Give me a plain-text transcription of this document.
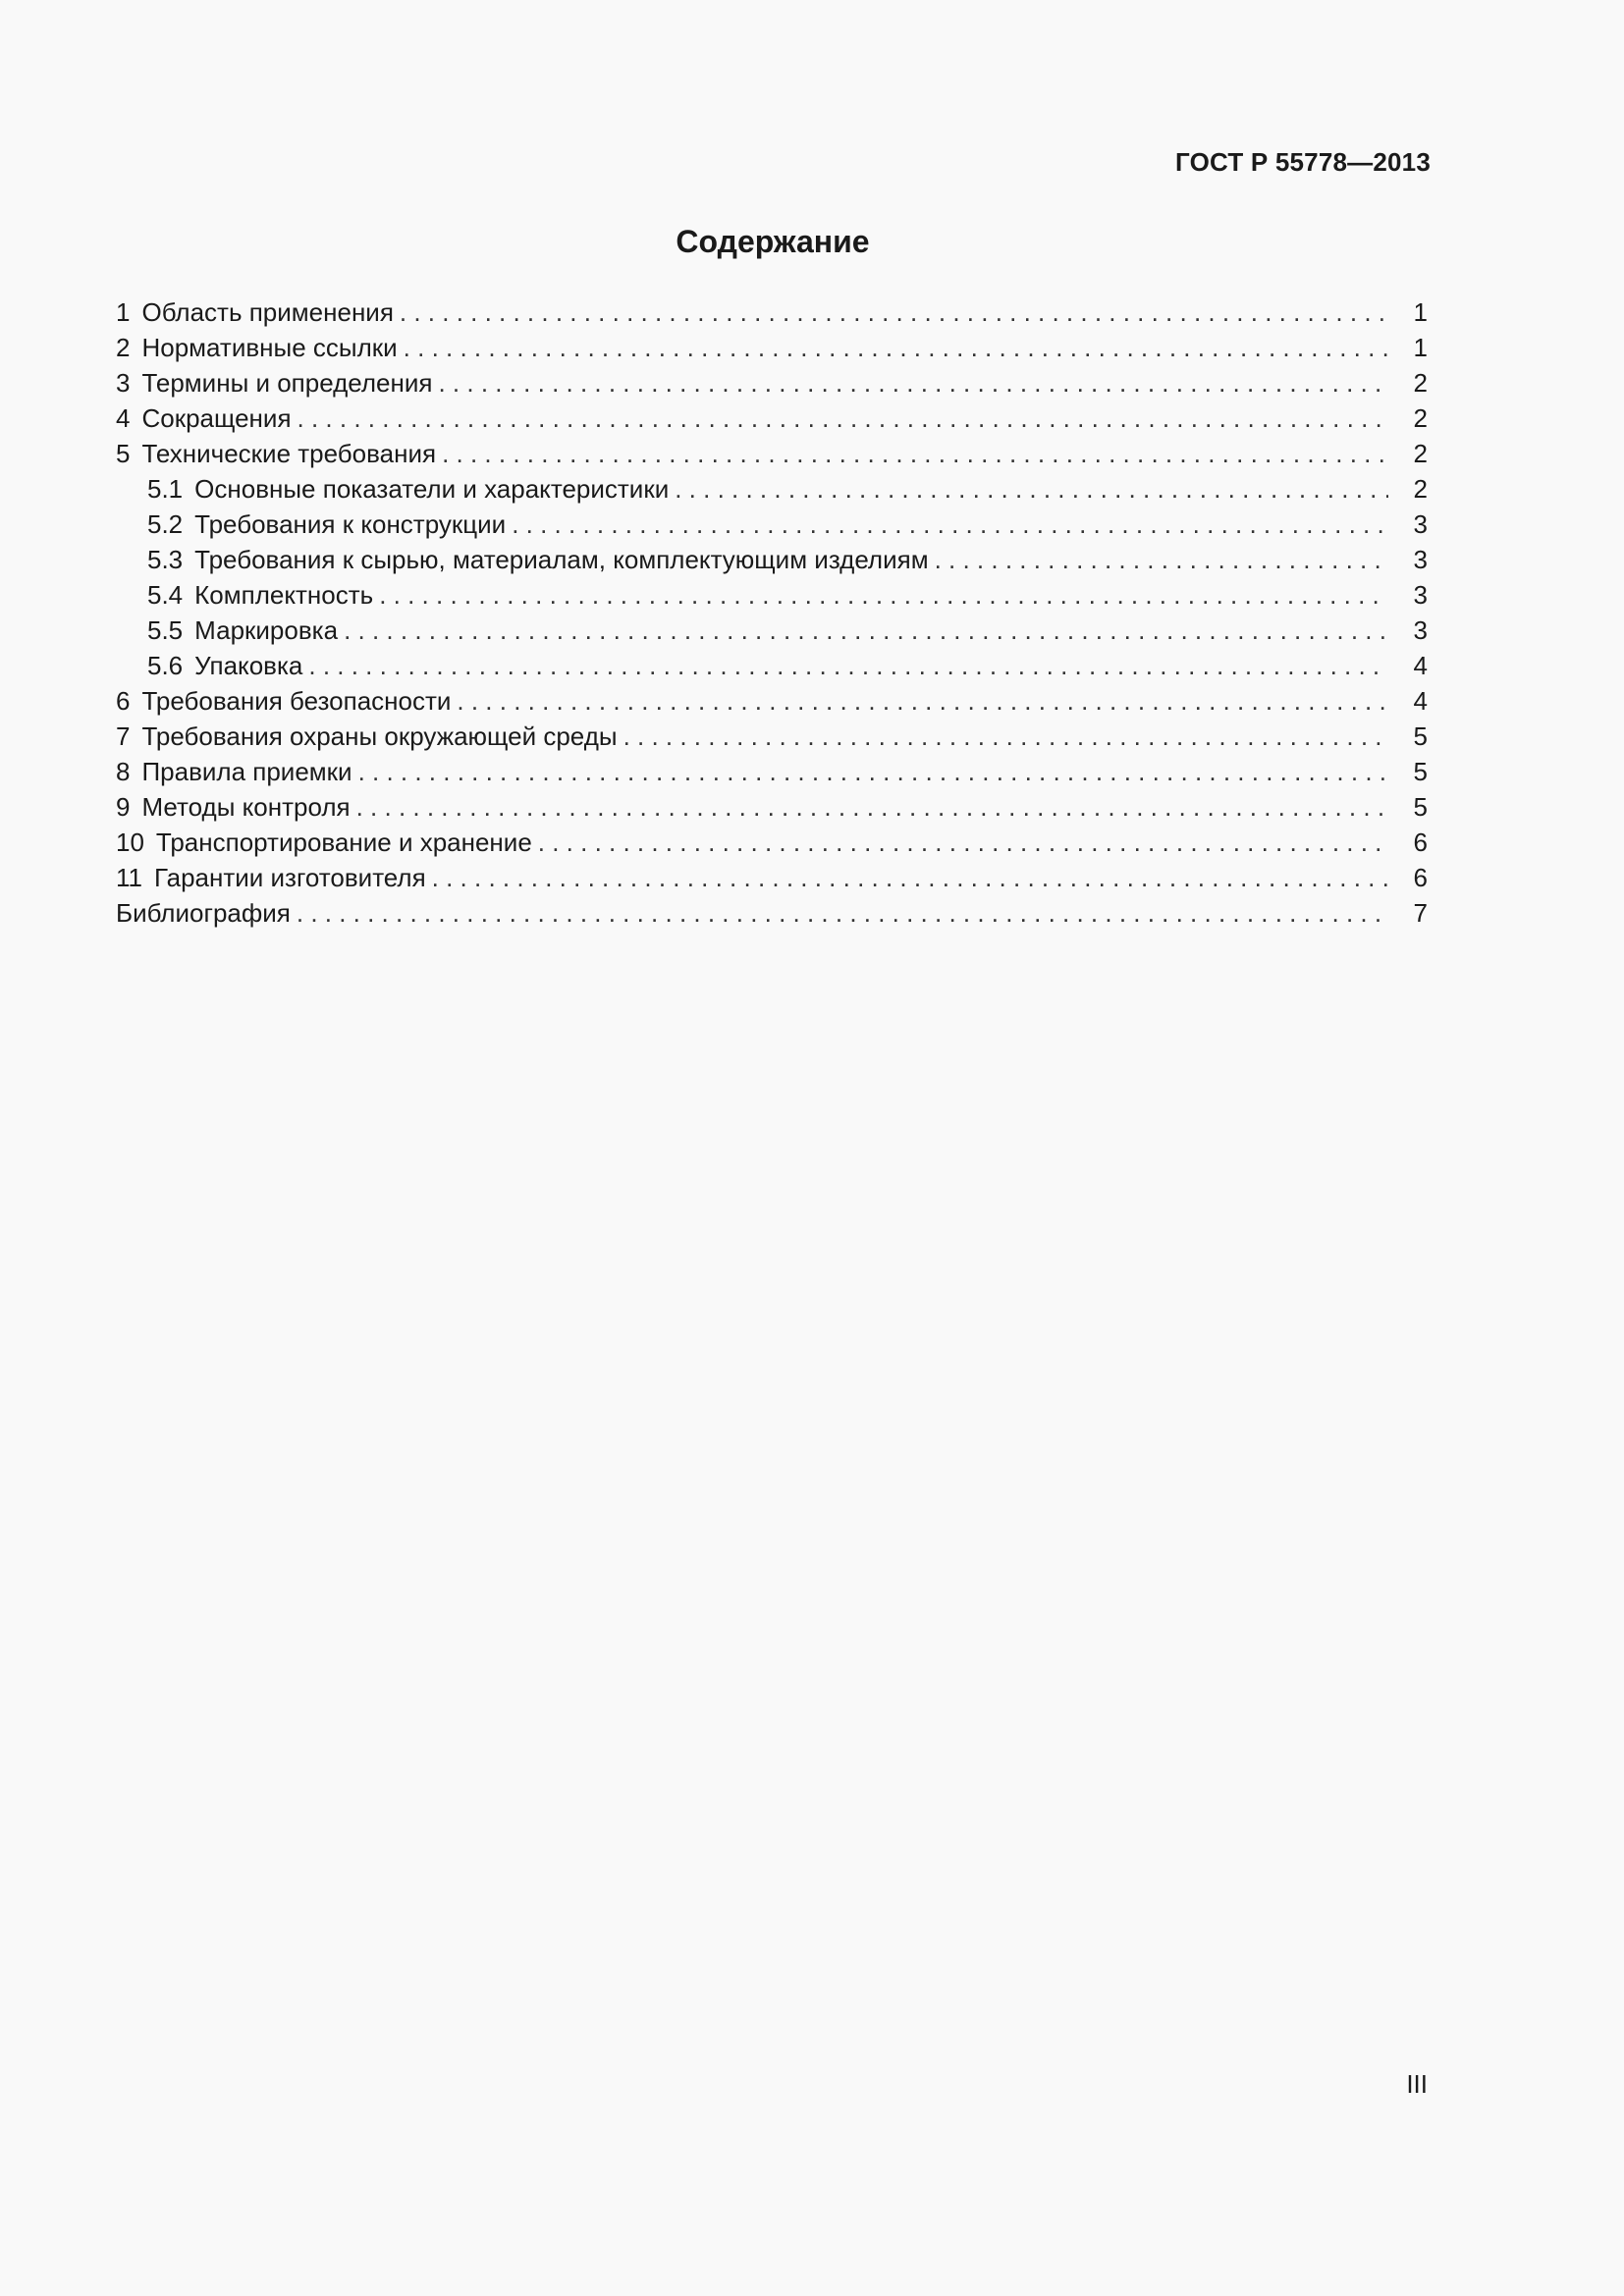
ГОСТ Р 55778—2013
Содержание
1 Область применения . . .	1
2 Нормативные ссылки . . .	1
3 Термины и определения . . .	2
4 Сокращения . . .	2
5 Технические требования . . .	2
5.1 Основные показатели и характеристики . . .	2
5.2 Требования к конструкции . . .	3
5.3 Требования к сырью, материалам, комплектующим изделиям . . .	3
5.4 Комплектность . . .	3
5.5 Маркировка . . .	3
5.6 Упаковка . . .	4
6 Требования безопасности . . .	4
7 Требования охраны окружающей среды . . .	5
8 Правила приемки . . .	5
9 Методы контроля . . .	5
10 Транспортирование и хранение . . .	6
11 Гарантии изготовителя . . .	6
Библиография . . .	7
III
